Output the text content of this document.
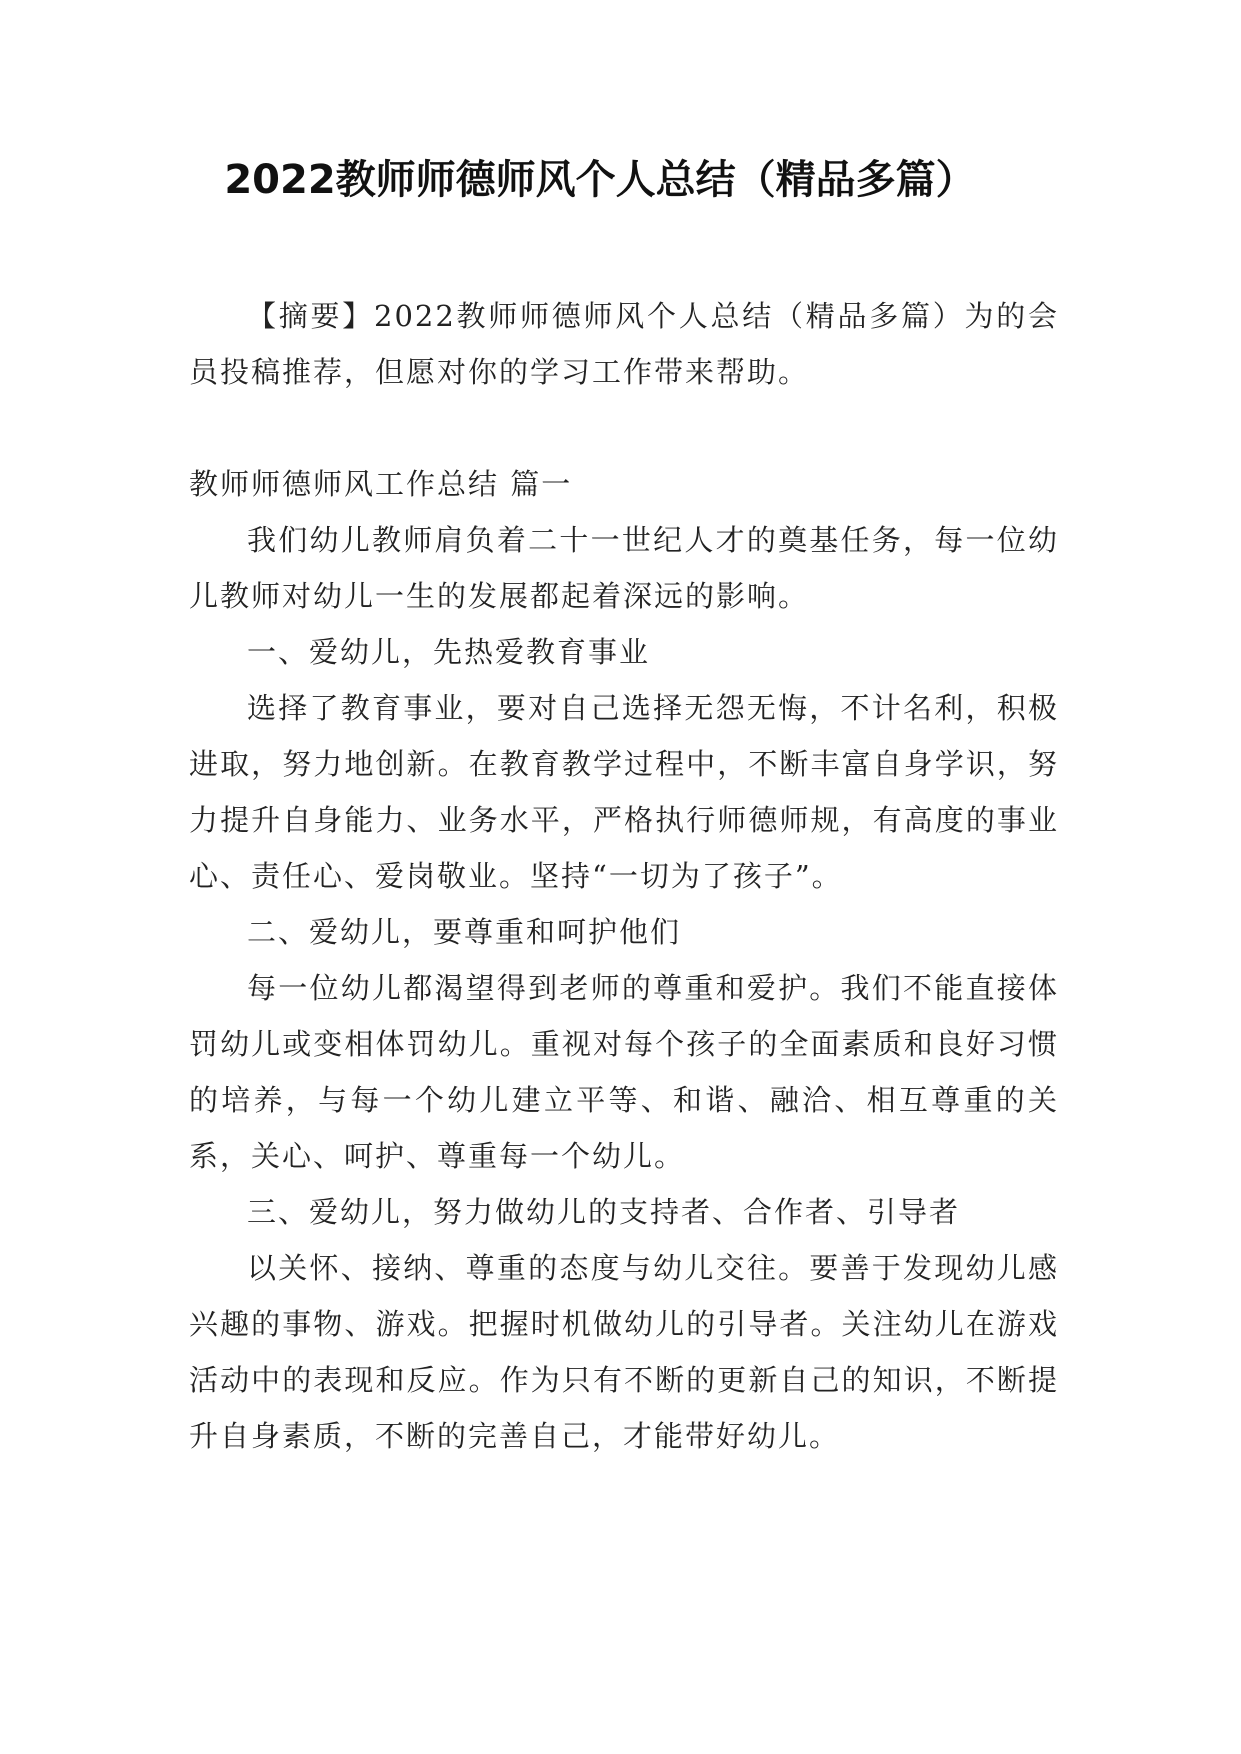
2022教师师德师风个人总结（精品多篇）

【摘要】2022教师师德师风个人总结（精品多篇）为的会员投稿推荐，但愿对你的学习工作带来帮助。

教师师德师风工作总结 篇一

我们幼儿教师肩负着二十一世纪人才的奠基任务，每一位幼儿教师对幼儿一生的发展都起着深远的影响。

一、爱幼儿，先热爱教育事业

选择了教育事业，要对自己选择无怨无悔，不计名利，积极进取，努力地创新。在教育教学过程中，不断丰富自身学识，努力提升自身能力、业务水平，严格执行师德师规，有高度的事业心、责任心、爱岗敬业。坚持“一切为了孩子”。

二、爱幼儿，要尊重和呵护他们

每一位幼儿都渴望得到老师的尊重和爱护。我们不能直接体罚幼儿或变相体罚幼儿。重视对每个孩子的全面素质和良好习惯的培养，与每一个幼儿建立平等、和谐、融洽、相互尊重的关系，关心、呵护、尊重每一个幼儿。

三、爱幼儿，努力做幼儿的支持者、合作者、引导者

以关怀、接纳、尊重的态度与幼儿交往。要善于发现幼儿感兴趣的事物、游戏。把握时机做幼儿的引导者。关注幼儿在游戏活动中的表现和反应。作为只有不断的更新自己的知识，不断提升自身素质，不断的完善自己，才能带好幼儿。
